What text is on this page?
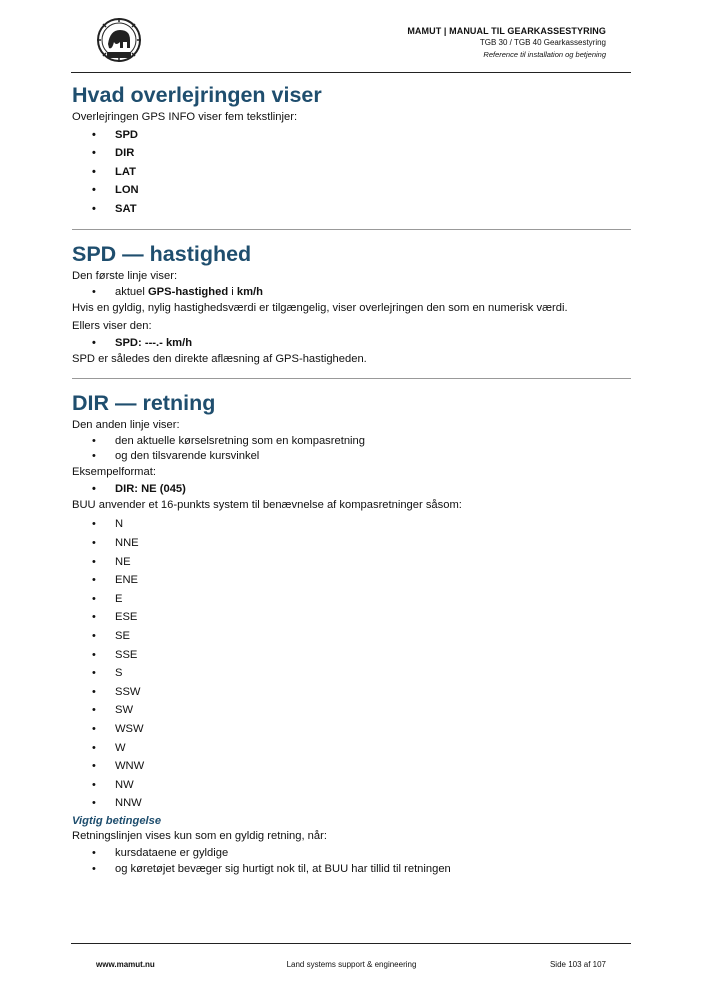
MAMUT | MANUAL TIL GEARKASSESTYRING
TGB 30 / TGB 40 Gearkassestyring
Reference til installation og betjening
Hvad overlejringen viser

Overlejringen GPS INFO viser fem tekstlinjer:

• SPD
• DIR
• LAT
• LON
• SAT
SPD — hastighed

Den første linje viser:

• aktuel GPS-hastighed i km/h

Hvis en gyldig, nylig hastighedsværdi er tilgængelig, viser overlejringen den som en numerisk værdi.

Ellers viser den:

• SPD: ---.- km/h

SPD er således den direkte aflæsning af GPS-hastigheden.

DIR — retning

Den anden linje viser:

• den aktuelle kørselsretning som en kompasretning
• og den tilsvarende kursvinkel

Eksempelformat:

• DIR: NE (045)

BUU anvender et 16-punkts system til benævnelse af kompasretninger såsom:

• N
• NNE
• NE
• ENE
• E
• ESE
• SE
• SSE
• S
• SSW
• SW
• WSW
• W
• WNW
• NW
• NNW

Vigtig betingelse

Retningslinjen vises kun som en gyldig retning, når:

• kursdataene er gyldige
• og køretøjet bevæger sig hurtigt nok til, at BUU har tillid til retningen
www.mamut.nu	Land systems support & engineering	Side 103 af 107
